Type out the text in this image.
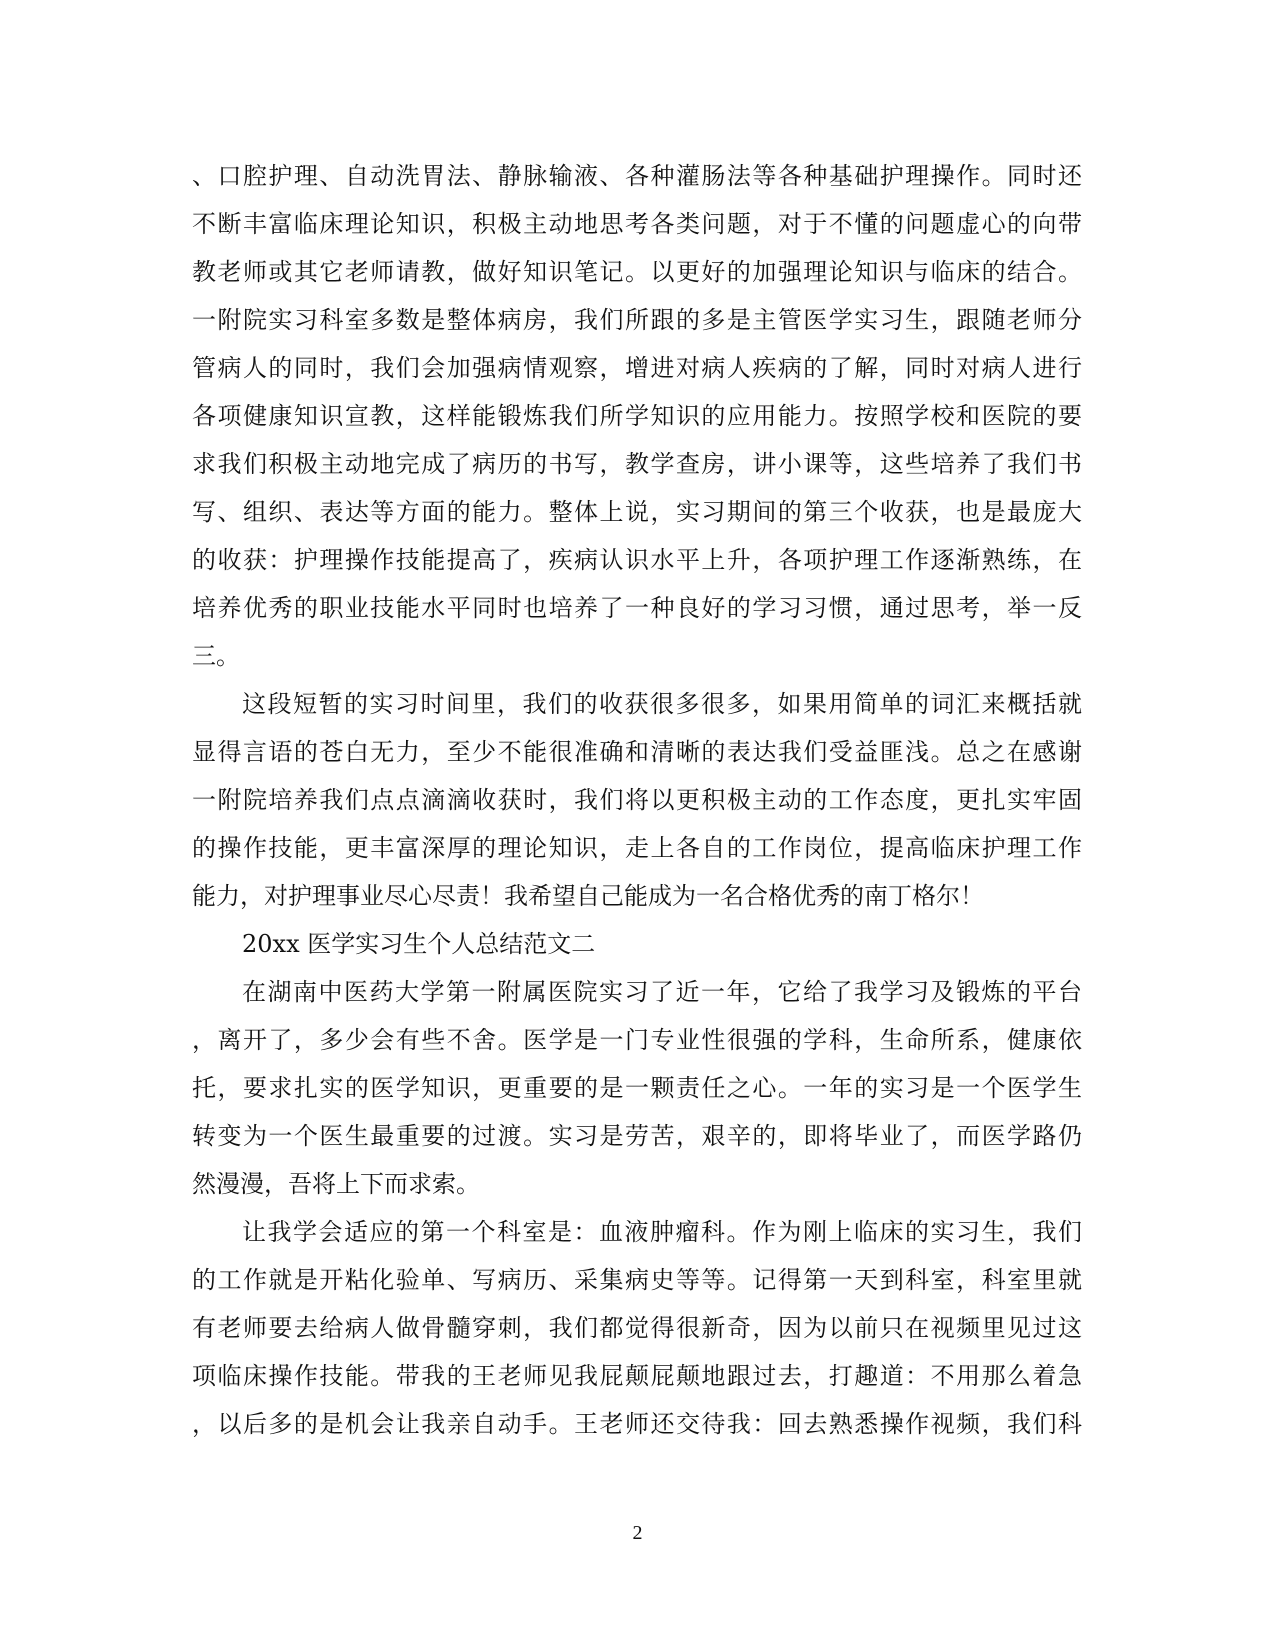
、口腔护理、自动洗胃法、静脉输液、各种灌肠法等各种基础护理操作。同时还
不断丰富临床理论知识，积极主动地思考各类问题，对于不懂的问题虚心的向带
教老师或其它老师请教，做好知识笔记。以更好的加强理论知识与临床的结合。
一附院实习科室多数是整体病房，我们所跟的多是主管医学实习生，跟随老师分
管病人的同时，我们会加强病情观察，增进对病人疾病的了解，同时对病人进行
各项健康知识宣教，这样能锻炼我们所学知识的应用能力。按照学校和医院的要
求我们积极主动地完成了病历的书写，教学查房，讲小课等，这些培养了我们书
写、组织、表达等方面的能力。整体上说，实习期间的第三个收获，也是最庞大
的收获：护理操作技能提高了，疾病认识水平上升，各项护理工作逐渐熟练，在
培养优秀的职业技能水平同时也培养了一种良好的学习习惯，通过思考，举一反
三。
这段短暂的实习时间里，我们的收获很多很多，如果用简单的词汇来概括就
显得言语的苍白无力，至少不能很准确和清晰的表达我们受益匪浅。总之在感谢
一附院培养我们点点滴滴收获时，我们将以更积极主动的工作态度，更扎实牢固
的操作技能，更丰富深厚的理论知识，走上各自的工作岗位，提高临床护理工作
能力，对护理事业尽心尽责！我希望自己能成为一名合格优秀的南丁格尔！
20xx 医学实习生个人总结范文二
在湖南中医药大学第一附属医院实习了近一年，它给了我学习及锻炼的平台
，离开了，多少会有些不舍。医学是一门专业性很强的学科，生命所系，健康依
托，要求扎实的医学知识，更重要的是一颗责任之心。一年的实习是一个医学生
转变为一个医生最重要的过渡。实习是劳苦，艰辛的，即将毕业了，而医学路仍
然漫漫，吾将上下而求索。
让我学会适应的第一个科室是：血液肿瘤科。作为刚上临床的实习生，我们
的工作就是开粘化验单、写病历、采集病史等等。记得第一天到科室，科室里就
有老师要去给病人做骨髓穿刺，我们都觉得很新奇，因为以前只在视频里见过这
项临床操作技能。带我的王老师见我屁颠屁颠地跟过去，打趣道：不用那么着急
，以后多的是机会让我亲自动手。王老师还交待我：回去熟悉操作视频，我们科
2
